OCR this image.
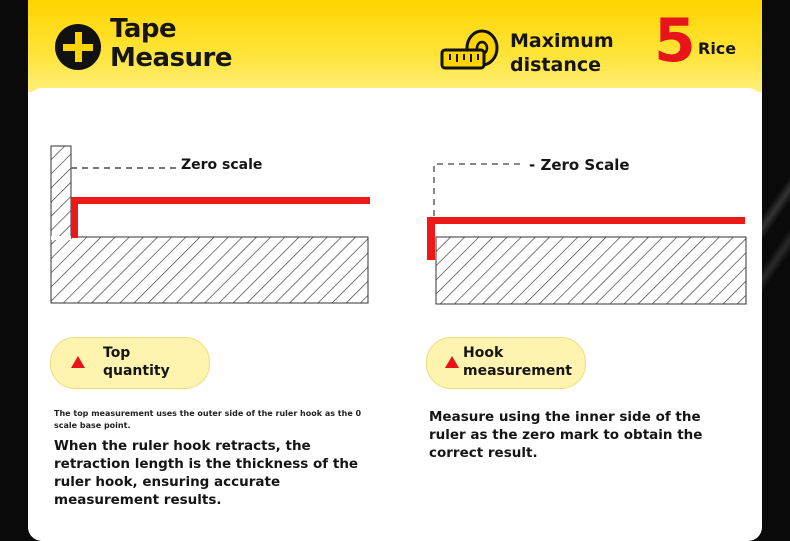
Tape
Measure
Maximum
distance 5 Rice
Zero scale	- Zero Scale
Top
quantity
Hook
measurement
The top measurement uses the outer side of the ruler hook as the 0 scale base point.
When the ruler hook retracts, the retraction length is the thickness of the ruler hook, ensuring accurate measurement results.
Measure using the inner side of the ruler as the zero mark to obtain the correct result.
